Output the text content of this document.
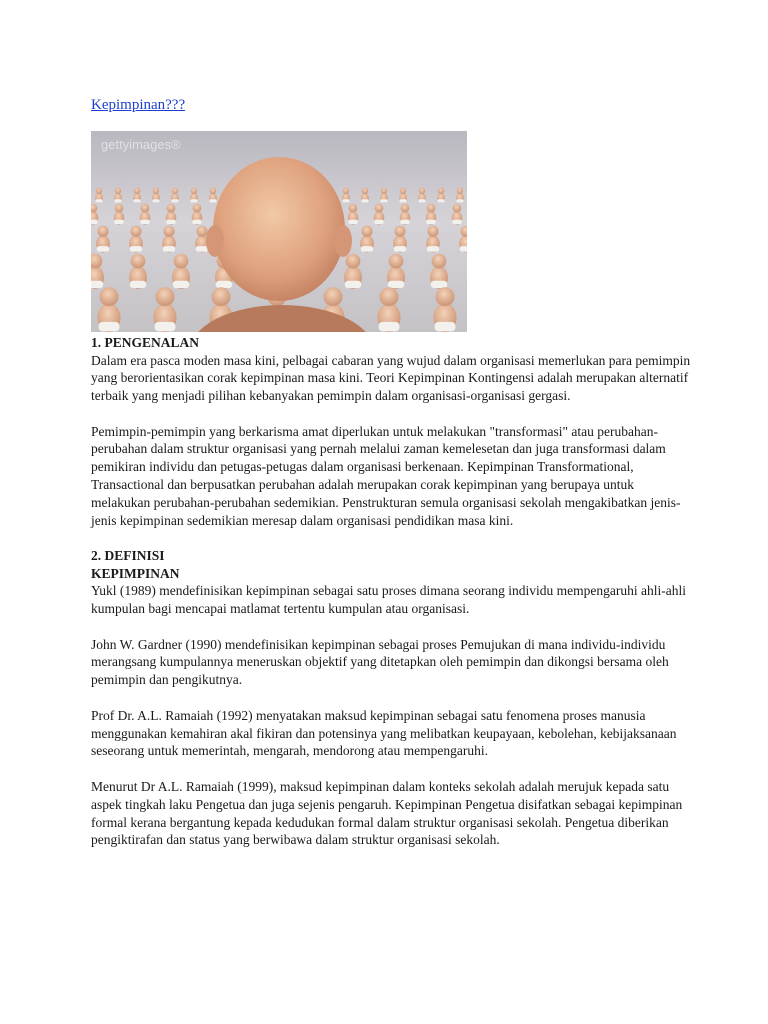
Kepimpinan???
gettyimages®

1. PENGENALAN

Dalam era pasca moden masa kini, pelbagai cabaran yang wujud dalam organisasi memerlukan para pemimpin yang berorientasikan corak kepimpinan masa kini. Teori Kepimpinan Kontingensi adalah merupakan alternatif terbaik yang menjadi pilihan kebanyakan pemimpin dalam organisasi-organisasi gergasi.

Pemimpin-pemimpin yang berkarisma amat diperlukan untuk melakukan "transformasi" atau perubahan-perubahan dalam struktur organisasi yang pernah melalui zaman kemelesetan dan juga transformasi dalam pemikiran individu dan petugas-petugas dalam organisasi berkenaan. Kepimpinan Transformational, Transactional dan berpusatkan perubahan adalah merupakan corak kepimpinan yang berupaya untuk melakukan perubahan-perubahan sedemikian. Penstrukturan semula organisasi sekolah mengakibatkan jenis-jenis kepimpinan sedemikian meresap dalam organisasi pendidikan masa kini.

2. DEFINISI

KEPIMPINAN

Yukl (1989) mendefinisikan kepimpinan sebagai satu proses dimana seorang individu mempengaruhi ahli-ahli kumpulan bagi mencapai matlamat tertentu kumpulan atau organisasi.

John W. Gardner (1990) mendefinisikan kepimpinan sebagai proses Pemujukan di mana individu-individu merangsang kumpulannya meneruskan objektif yang ditetapkan oleh pemimpin dan dikongsi bersama oleh pemimpin dan pengikutnya.

Prof Dr. A.L. Ramaiah (1992) menyatakan maksud kepimpinan sebagai satu fenomena proses manusia menggunakan kemahiran akal fikiran dan potensinya yang melibatkan keupayaan, kebolehan, kebijaksanaan seseorang untuk memerintah, mengarah, mendorong atau mempengaruhi.

Menurut Dr A.L. Ramaiah (1999), maksud kepimpinan dalam konteks sekolah adalah merujuk kepada satu aspek tingkah laku Pengetua dan juga sejenis pengaruh. Kepimpinan Pengetua disifatkan sebagai kepimpinan formal kerana bergantung kepada kedudukan formal dalam struktur organisasi sekolah. Pengetua diberikan pengiktirafan dan status yang berwibawa dalam struktur organisasi sekolah.
